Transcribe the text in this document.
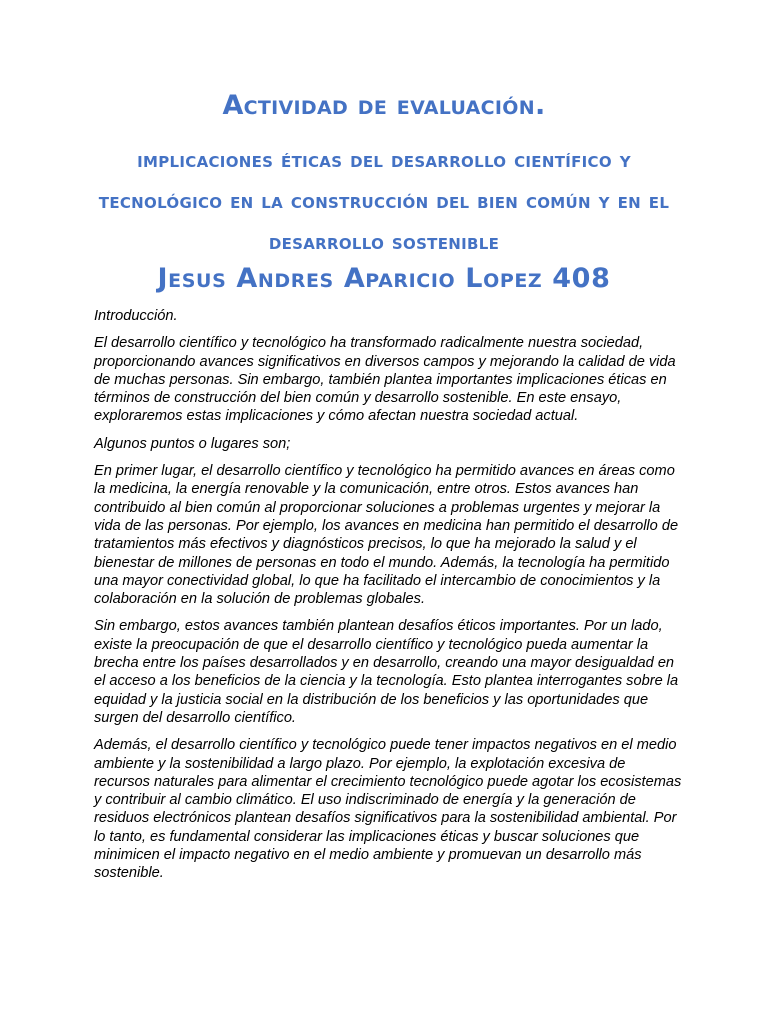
Actividad de evaluación.
implicaciones éticas del desarrollo científico y tecnológico en la construcción del bien común y en el desarrollo sostenible
Jesus Andres Aparicio Lopez 408

Introducción.

El desarrollo científico y tecnológico ha transformado radicalmente nuestra sociedad, proporcionando avances significativos en diversos campos y mejorando la calidad de vida de muchas personas. Sin embargo, también plantea importantes implicaciones éticas en términos de construcción del bien común y desarrollo sostenible. En este ensayo, exploraremos estas implicaciones y cómo afectan nuestra sociedad actual.

Algunos puntos o lugares son;

En primer lugar, el desarrollo científico y tecnológico ha permitido avances en áreas como la medicina, la energía renovable y la comunicación, entre otros. Estos avances han contribuido al bien común al proporcionar soluciones a problemas urgentes y mejorar la vida de las personas. Por ejemplo, los avances en medicina han permitido el desarrollo de tratamientos más efectivos y diagnósticos precisos, lo que ha mejorado la salud y el bienestar de millones de personas en todo el mundo. Además, la tecnología ha permitido una mayor conectividad global, lo que ha facilitado el intercambio de conocimientos y la colaboración en la solución de problemas globales.

Sin embargo, estos avances también plantean desafíos éticos importantes. Por un lado, existe la preocupación de que el desarrollo científico y tecnológico pueda aumentar la brecha entre los países desarrollados y en desarrollo, creando una mayor desigualdad en el acceso a los beneficios de la ciencia y la tecnología. Esto plantea interrogantes sobre la equidad y la justicia social en la distribución de los beneficios y las oportunidades que surgen del desarrollo científico.

Además, el desarrollo científico y tecnológico puede tener impactos negativos en el medio ambiente y la sostenibilidad a largo plazo. Por ejemplo, la explotación excesiva de recursos naturales para alimentar el crecimiento tecnológico puede agotar los ecosistemas y contribuir al cambio climático. El uso indiscriminado de energía y la generación de residuos electrónicos plantean desafíos significativos para la sostenibilidad ambiental. Por lo tanto, es fundamental considerar las implicaciones éticas y buscar soluciones que minimicen el impacto negativo en el medio ambiente y promuevan un desarrollo más sostenible.
